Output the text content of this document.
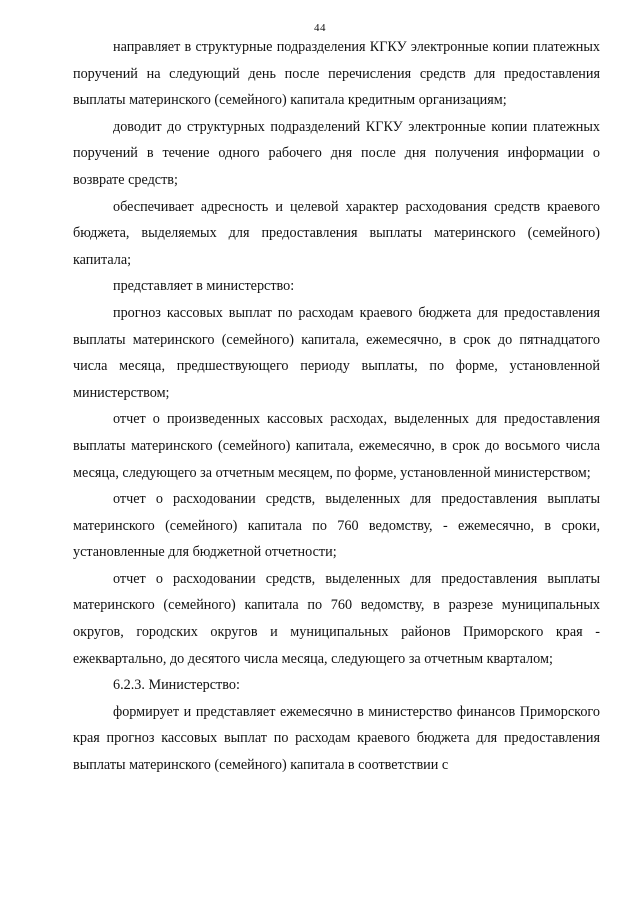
44

направляет в структурные подразделения КГКУ электронные копии платежных поручений на следующий день после перечисления средств для предоставления выплаты материнского (семейного) капитала кредитным организациям;

доводит до структурных подразделений КГКУ электронные копии платежных поручений в течение одного рабочего дня после дня получения информации о возврате средств;

обеспечивает адресность и целевой характер расходования средств краевого бюджета, выделяемых для предоставления выплаты материнского (семейного) капитала;

представляет в министерство:

прогноз кассовых выплат по расходам краевого бюджета для предоставления выплаты материнского (семейного) капитала, ежемесячно, в срок до пятнадцатого числа месяца, предшествующего периоду выплаты, по форме, установленной министерством;

отчет о произведенных кассовых расходах, выделенных для предоставления выплаты материнского (семейного) капитала, ежемесячно, в срок до восьмого числа месяца, следующего за отчетным месяцем, по форме, установленной министерством;

отчет о расходовании средств, выделенных для предоставления выплаты материнского (семейного) капитала по 760 ведомству, - ежемесячно, в сроки, установленные для бюджетной отчетности;

отчет о расходовании средств, выделенных для предоставления выплаты материнского (семейного) капитала по 760 ведомству, в разрезе муниципальных округов, городских округов и муниципальных районов Приморского края - ежеквартально, до десятого числа месяца, следующего за отчетным кварталом;

6.2.3. Министерство:

формирует и представляет ежемесячно в министерство финансов Приморского края прогноз кассовых выплат по расходам краевого бюджета для предоставления выплаты материнского (семейного) капитала в соответствии с
